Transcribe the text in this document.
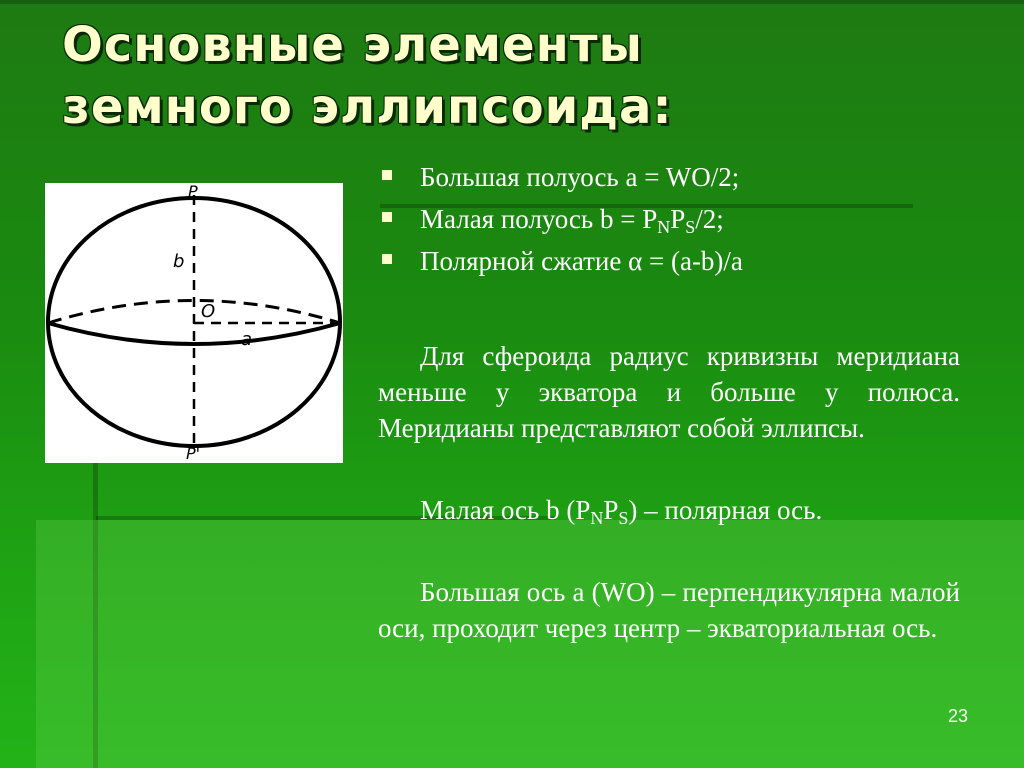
Основные элементы
земного эллипсоида:
P
b
O
a
P'
Большая полуось a = WO/2;
Малая полуось $b = P_NP_S/2$;
Полярной сжатие α = (a-b)/a

Для сфероида радиус кривизны меридиана меньше у экватора и больше у полюса. Меридианы представляют собой эллипсы.

Малая ось b $(P_NP_S)$ – полярная ось.

Большая ось a (WO) – перпендикулярна малой оси, проходит через центр – экваториальная ось.

23
